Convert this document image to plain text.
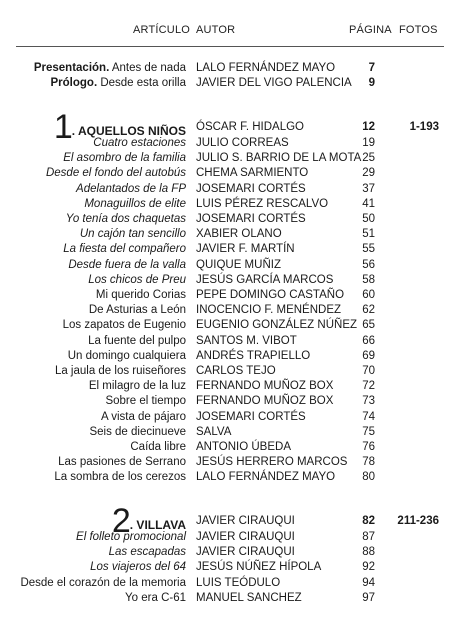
ARTÍCULO AUTOR	PÁGINA FOTOS
Presentación. Antes de nada LALO FERNÁNDEZ MAYO	7
Prólogo. Desde esta orilla JAVIER DEL VIGO PALENCIA	9
1. AQUELLOS NIÑOS ÓSCAR F. HIDALGO	12	1-193
Cuatro estaciones JULIO CORREAS	19
El asombro de la familia JULIO S. BARRIO DE LA MOTA 25
Desde el fondo del autobús CHEMA SARMIENTO	29
Adelantados de la FP JOSEMARI CORTÉS	37
Monaguillos de elite LUIS PÉREZ RESCALVO	41
Yo tenía dos chaquetas JOSEMARI CORTÉS	50
Un cajón tan sencillo XABIER OLANO	51
La fiesta del compañero JAVIER F. MARTÍN	55
Desde fuera de la valla QUIQUE MUÑIZ	56
Los chicos de Preu JESÚS GARCÍA MARCOS	58
Mi querido Corias PEPE DOMINGO CASTAÑO	60
De Asturias a León INOCENCIO F. MENÉNDEZ	62
Los zapatos de Eugenio EUGENIO GONZÁLEZ NÚÑEZ 65
La fuente del pulpo SANTOS M. VIBOT	66
Un domingo cualquiera ANDRÉS TRAPIELLO	69
La jaula de los ruiseñores CARLOS TEJO	70
El milagro de la luz FERNANDO MUÑOZ BOX	72
Sobre el tiempo FERNANDO MUÑOZ BOX	73
A vista de pájaro JOSEMARI CORTÉS	74
Seis de diecinueve SALVA	75
Caída libre ANTONIO ÚBEDA	76
Las pasiones de Serrano JESÚS HERRERO MARCOS	78
La sombra de los cerezos LALO FERNÁNDEZ MAYO	80
2. VILLAVA JAVIER CIRAUQUI	82 211-236
El folleto promocional JAVIER CIRAUQUI	87
Las escapadas JAVIER CIRAUQUI	88
Los viajeros del 64 JESÚS NÚÑEZ HÍPOLA	92
Desde el corazón de la memoria LUIS TEÓDULO	94
Yo era C-61 MANUEL SANCHEZ	97
